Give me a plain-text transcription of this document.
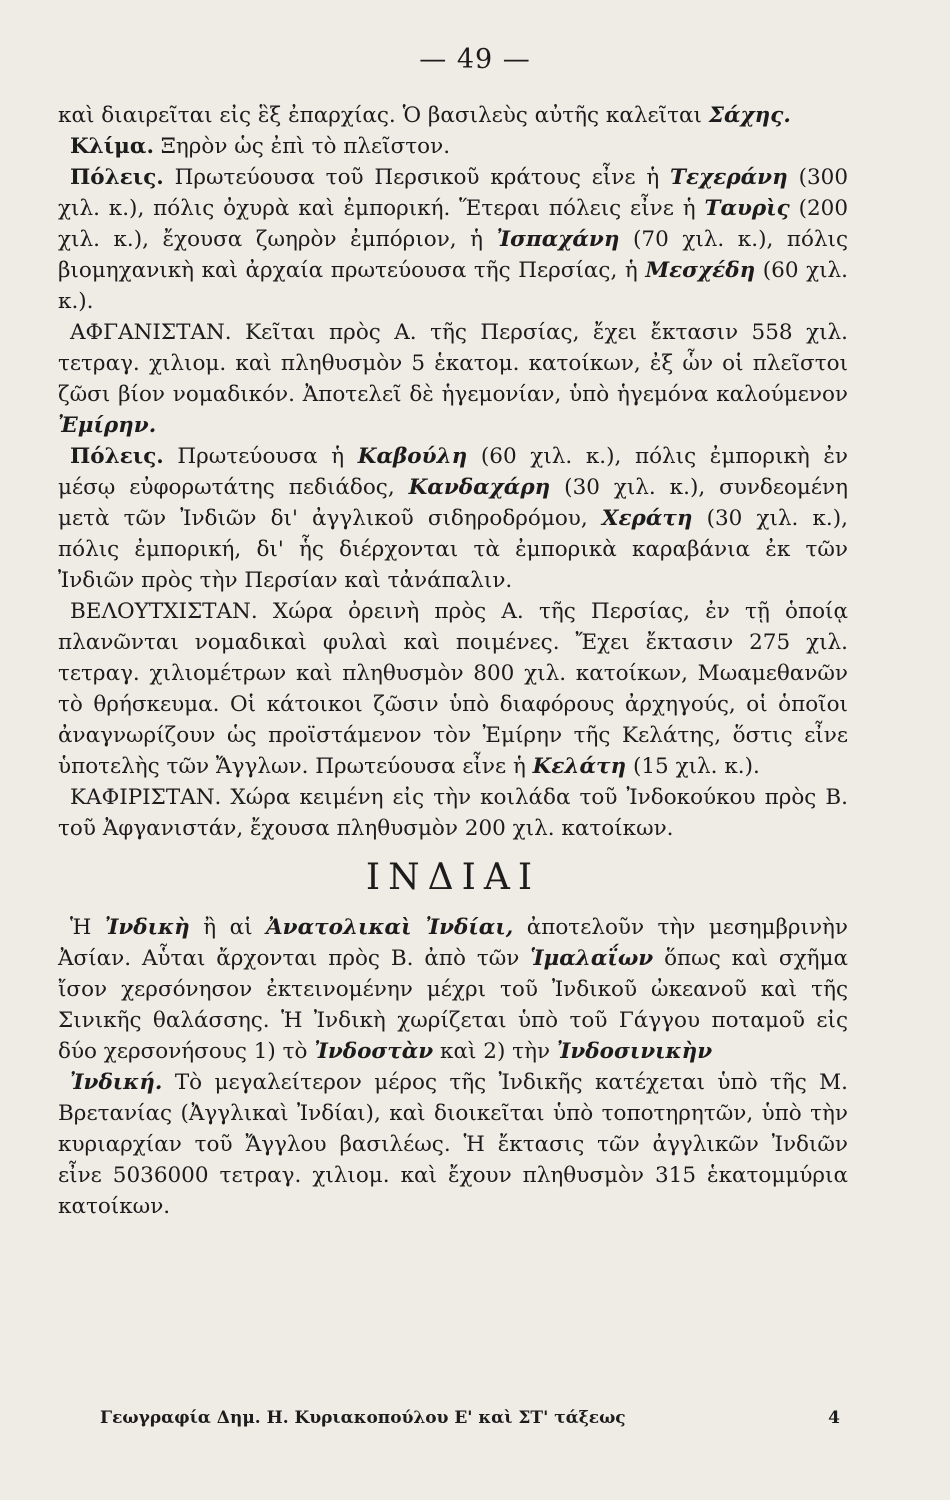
— 49 —

καὶ διαιρεῖται εἰς ἓξ ἐπαρχίας. Ὁ βασιλεὺς αὐτῆς καλεῖται Σάχης.

Κλίμα. Ξηρὸν ὡς ἐπὶ τὸ πλεῖστον.

Πόλεις. Πρωτεύουσα τοῦ Περσικοῦ κράτους εἶνε ἡ Τεχεράνη (300 χιλ. κ.), πόλις ὀχυρὰ καὶ ἐμπορική. Ἕτεραι πόλεις εἶνε ἡ Ταυρὶς (200 χιλ. κ.), ἔχουσα ζωηρὸν ἐμπόριον, ἡ Ἰσπαχάνη (70 χιλ. κ.), πόλις βιομηχανικὴ καὶ ἀρχαία πρωτεύουσα τῆς Περσίας, ἡ Μεσχέδη (60 χιλ. κ.).

ΑΦΓΑΝΙΣΤΑΝ. Κεῖται πρὸς Α. τῆς Περσίας, ἔχει ἔκτασιν 558 χιλ. τετραγ. χιλιομ. καὶ πληθυσμὸν 5 ἑκατομ. κατοίκων, ἐξ ὧν οἱ πλεῖστοι ζῶσι βίον νομαδικόν. Ἀποτελεῖ δὲ ἡγεμονίαν, ὑπὸ ἡγεμόνα καλούμενον Ἐμίρην.

Πόλεις. Πρωτεύουσα ἡ Καβούλη (60 χιλ. κ.), πόλις ἐμπορικὴ ἐν μέσῳ εὐφορωτάτης πεδιάδος, Κανδαχάρη (30 χιλ. κ.), συνδεομένη μετὰ τῶν Ἰνδιῶν δι' ἀγγλικοῦ σιδηροδρόμου, Χεράτη (30 χιλ. κ.), πόλις ἐμπορική, δι' ἧς διέρχονται τὰ ἐμπορικὰ καραβάνια ἐκ τῶν Ἰνδιῶν πρὸς τὴν Περσίαν καὶ τἀνάπαλιν.

ΒΕΛΟΥΤΧΙΣΤΑΝ. Χώρα ὀρεινὴ πρὸς Α. τῆς Περσίας, ἐν τῇ ὁποίᾳ πλανῶνται νομαδικαὶ φυλαὶ καὶ ποιμένες. Ἔχει ἔκτασιν 275 χιλ. τετραγ. χιλιομέτρων καὶ πληθυσμὸν 800 χιλ. κατοίκων, Μωαμεθανῶν τὸ θρήσκευμα. Οἱ κάτοικοι ζῶσιν ὑπὸ διαφόρους ἀρχηγούς, οἱ ὁποῖοι ἀναγνωρίζουν ὡς προϊστάμενον τὸν Ἐμίρην τῆς Κελάτης, ὅστις εἶνε ὑποτελὴς τῶν Ἄγγλων. Πρωτεύουσα εἶνε ἡ Κελάτη (15 χιλ. κ.).

ΚΑΦΙΡΙΣΤΑΝ. Χώρα κειμένη εἰς τὴν κοιλάδα τοῦ Ἰνδοκούκου πρὸς Β. τοῦ Ἀφγανιστάν, ἔχουσα πληθυσμὸν 200 χιλ. κατοίκων.

ΙΝΔΙΑΙ

Ἡ Ἰνδικὴ ἢ αἱ Ἀνατολικαὶ Ἰνδίαι, ἀποτελοῦν τὴν μεσημβρινὴν Ἀσίαν. Αὗται ἄρχονται πρὸς Β. ἀπὸ τῶν Ἱμαλαΐων ὅπως καὶ σχῆμα ἴσον χερσόνησον ἐκτεινομένην μέχρι τοῦ Ἰνδικοῦ ὠκεανοῦ καὶ τῆς Σινικῆς θαλάσσης. Ἡ Ἰνδικὴ χωρίζεται ὑπὸ τοῦ Γάγγου ποταμοῦ εἰς δύο χερσονήσους 1) τὸ Ἰνδοστὰν καὶ 2) τὴν Ἰνδοσινικὴν

Ἰνδική. Τὸ μεγαλείτερον μέρος τῆς Ἰνδικῆς κατέχεται ὑπὸ τῆς Μ. Βρετανίας (Ἀγγλικαὶ Ἰνδίαι), καὶ διοικεῖται ὑπὸ τοποτηρητῶν, ὑπὸ τὴν κυριαρχίαν τοῦ Ἄγγλου βασιλέως. Ἡ ἔκτασις τῶν ἀγγλικῶν Ἰνδιῶν εἶνε 5036000 τετραγ. χιλιομ. καὶ ἔχουν πληθυσμὸν 315 ἑκατομμύρια κατοίκων.

Γεωγραφία Δημ. Η. Κυριακοπούλου Ε' καὶ ΣΤ' τάξεως	4
